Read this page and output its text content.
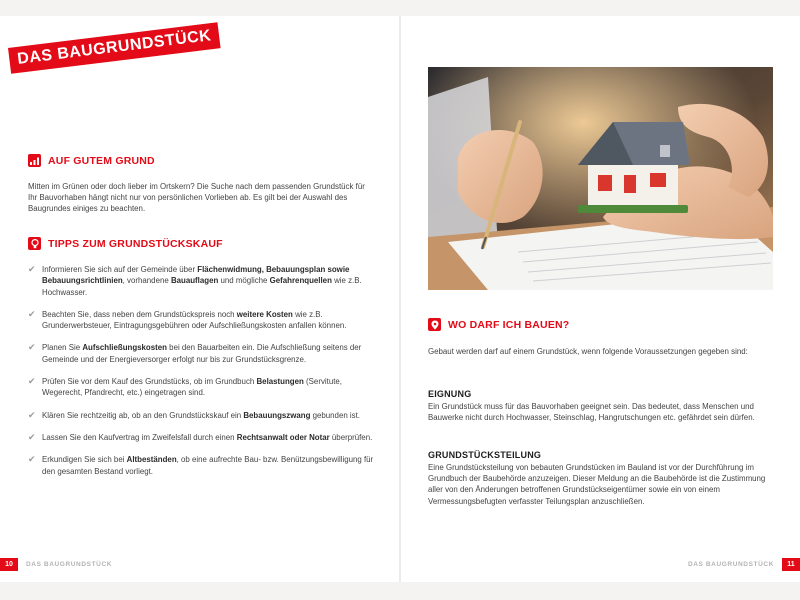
DAS BAUGRUNDSTÜCK
AUF GUTEM GRUND
Mitten im Grünen oder doch lieber im Ortskern? Die Suche nach dem passenden Grundstück für Ihr Bauvorhaben hängt nicht nur von persönlichen Vorlieben ab. Es gilt bei der Auswahl des Baugrundes einiges zu beachten.
TIPPS ZUM GRUNDSTÜCKSKAUF
✔ Informieren Sie sich auf der Gemeinde über Flächenwidmung, Bebauungsplan sowie Bebauungsrichtlinien, vorhandene Bauauflagen und mögliche Gefahrenquellen wie z.B. Hochwasser.
✔ Beachten Sie, dass neben dem Grundstückspreis noch weitere Kosten wie z.B. Grunderwerbsteuer, Eintragungsgebühren oder Aufschließungskosten anfallen können.
✔ Planen Sie Aufschließungskosten bei den Bauarbeiten ein. Die Aufschließung seitens der Gemeinde und der Energieversorger erfolgt nur bis zur Grundstücksgrenze.
✔ Prüfen Sie vor dem Kauf des Grundstücks, ob im Grundbuch Belastungen (Servitute, Wegerecht, Pfandrecht, etc.) eingetragen sind.
✔ Klären Sie rechtzeitig ab, ob an den Grundstückskauf ein Bebauungszwang gebunden ist.
✔ Lassen Sie den Kaufvertrag im Zweifelsfall durch einen Rechtsanwalt oder Notar überprüfen.
✔ Erkundigen Sie sich bei Altbeständen, ob eine aufrechte Bau- bzw. Benützungsbewilligung für den gesamten Bestand vorliegt.
10 DAS BAUGRUNDSTÜCK
WO DARF ICH BAUEN?
Gebaut werden darf auf einem Grundstück, wenn folgende Voraussetzungen gegeben sind:
EIGNUNG
Ein Grundstück muss für das Bauvorhaben geeignet sein. Das bedeutet, dass Menschen und Bauwerke nicht durch Hochwasser, Steinschlag, Hangrutschungen etc. gefährdet sein dürfen.
GRUNDSTÜCKSTEILUNG
Eine Grundstücksteilung von bebauten Grundstücken im Bauland ist vor der Durchführung im Grundbuch der Baubehörde anzuzeigen. Dieser Meldung an die Baubehörde ist die Zustimmung aller von den Änderungen betroffenen Grundstückseigentümer sowie ein von einem Vermessungsbefugten verfasster Teilungsplan anzuschließen.
DAS BAUGRUNDSTÜCK 11
